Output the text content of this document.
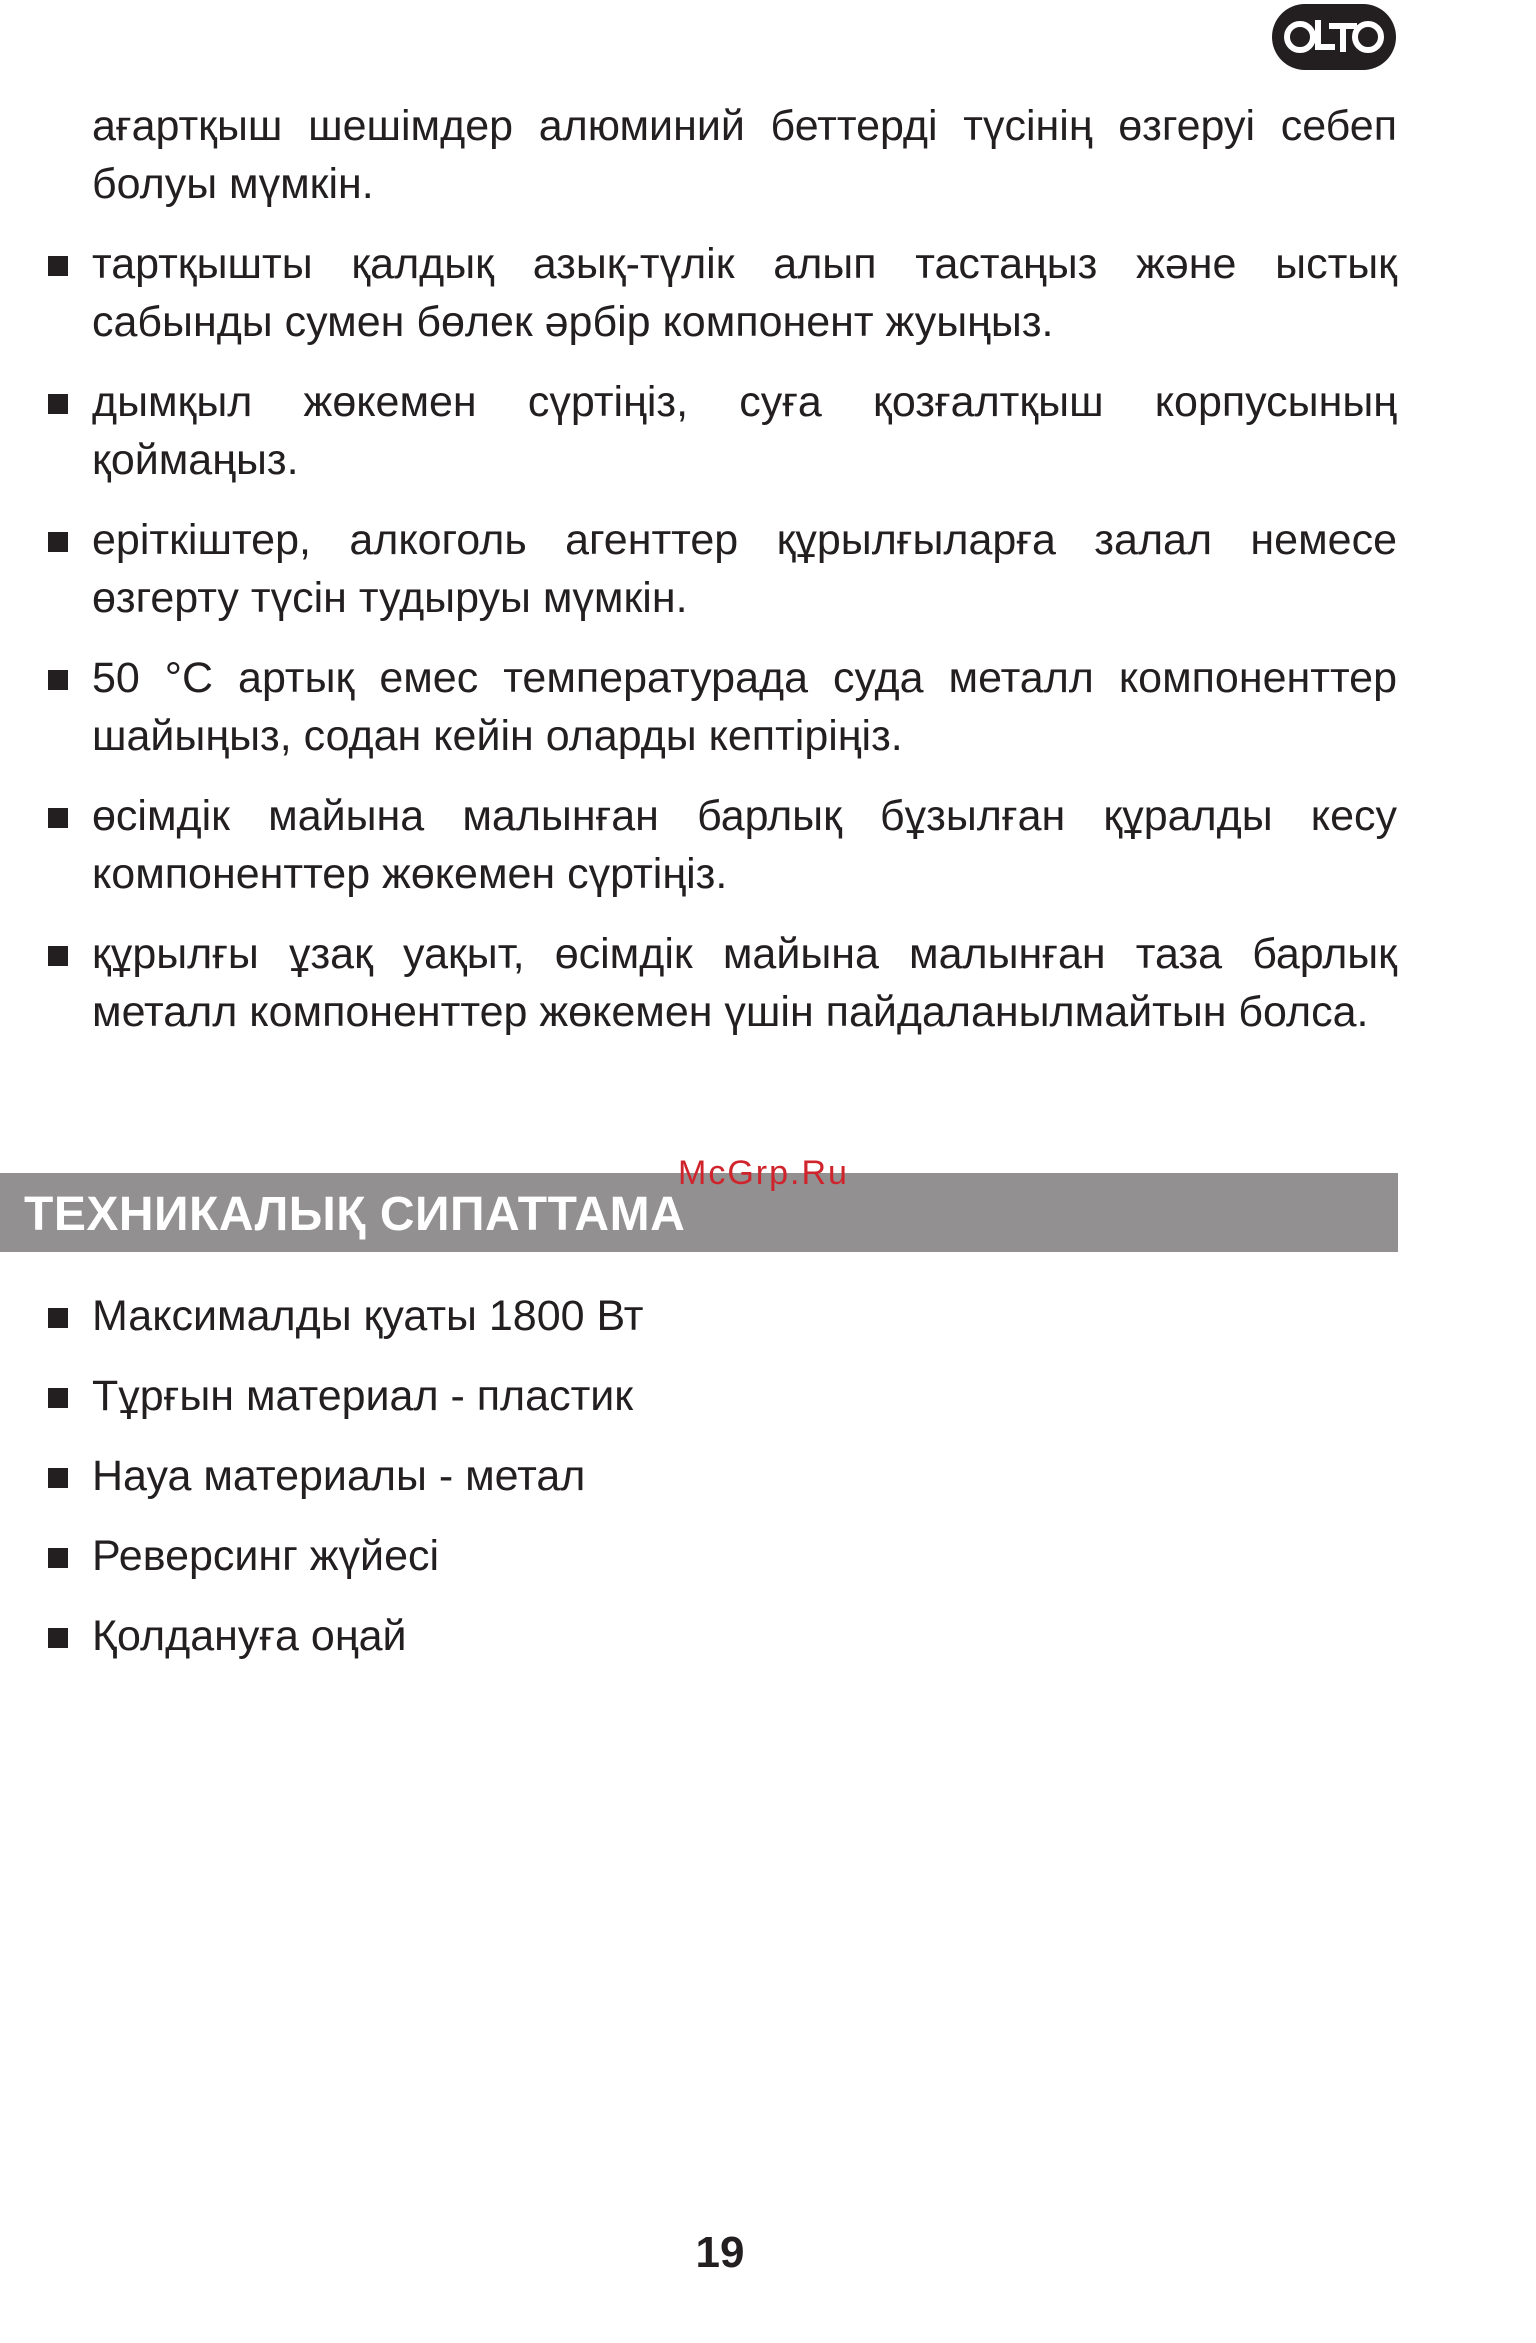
ағартқыш шешімдер алюминий беттерді түсінің өзгеруі себеп болуы мүмкін.

тартқышты қалдық азық-түлік алып тастаңыз және ыстық сабынды сумен бөлек әрбір компонент жуыңыз.
дымқыл жөкемен сүртіңіз, суға қозғалтқыш корпусының қоймаңыз.
еріткіштер, алкоголь агенттер құрылғыларға залал немесе өзгерту түсін тудыруы мүмкін.
50 °С артық емес температурада суда металл компоненттер шайыңыз, содан кейін оларды кептіріңіз.
өсімдік майына малынған барлық бұзылған құралды кесу компоненттер жөкемен сүртіңіз.
құрылғы ұзақ уақыт, өсімдік майына малынған таза барлық металл компоненттер жөкемен үшін пайдаланылмайтын болса.
ТЕХНИКАЛЫҚ СИПАТТАМА
McGrp.Ru
Максималды қуаты 1800 Вт
Тұрғын материал - пластик
Науа материалы - метал
Реверсинг жүйесі
Қолдануға оңай
19
